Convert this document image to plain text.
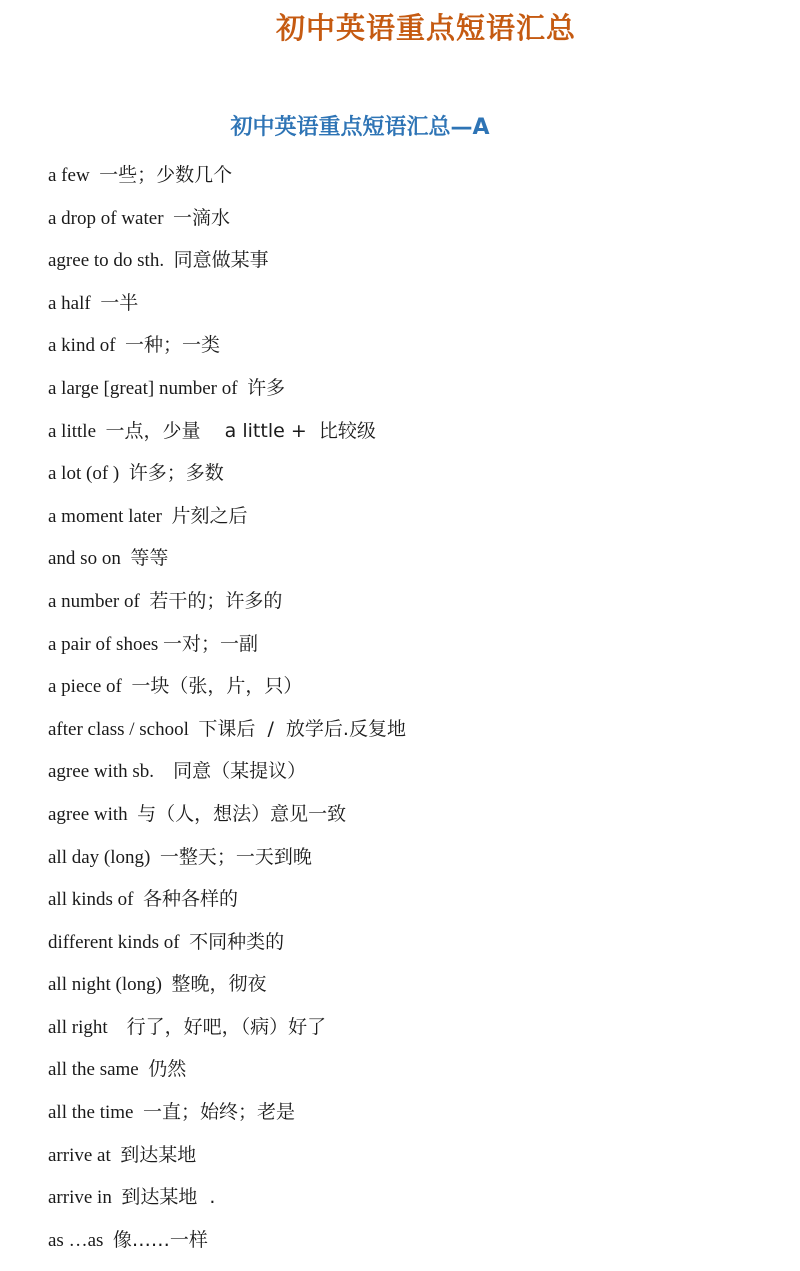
初中英语重点短语汇总
初中英语重点短语汇总—A
a few  一些；少数几个
a drop of water  一滴水
agree to do sth.  同意做某事
a half  一半
a kind of  一种；一类
a large [great] number of  许多
a little  一点，少量    a little +  比较级
a lot (of )  许多；多数
a moment later  片刻之后
and so on  等等
a number of  若干的；许多的
a pair of shoes 一对；一副
a piece of  一块（张，片，只）
after class / school  下课后  /  放学后.反复地
agree with sb.    同意（某提议）
agree with  与（人，想法）意见一致
all day (long)  一整天；一天到晚
all kinds of  各种各样的
different kinds of  不同种类的
all night (long)  整晚，彻夜
all right    行了，好吧，（病）好了
all the same  仍然
all the time  一直；始终；老是
arrive at  到达某地
arrive in  到达某地  .
as …as  像……一样
